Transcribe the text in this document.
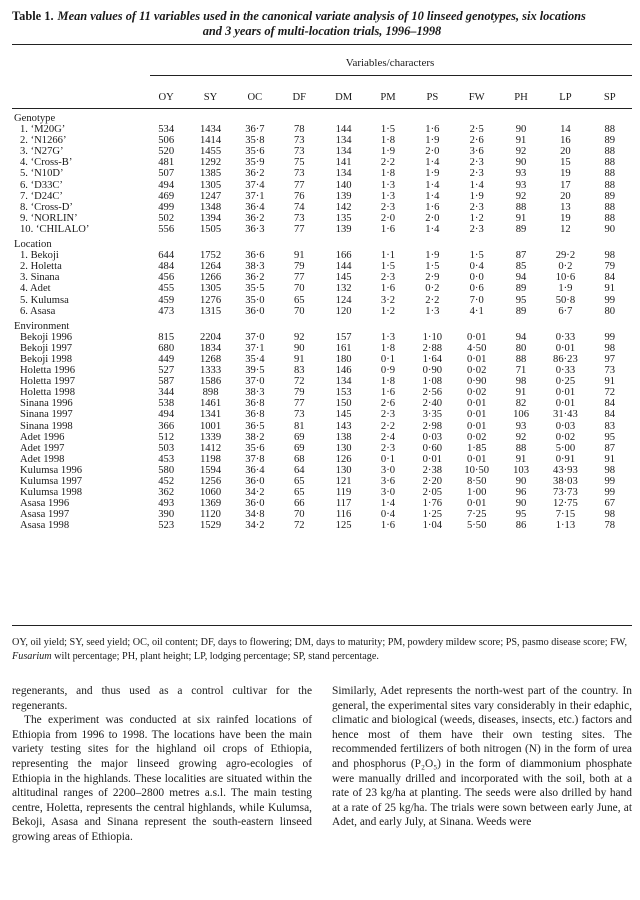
Table 1. Mean values of 11 variables used in the canonical variate analysis of 10 linseed genotypes, six locations
and 3 years of multi-location trials, 1996–1998
Variables/characters
	OY	SY	OC	DF	DM	PM	PS	FW	PH	LP	SP

Genotype											
1. ‘M20G’	534	1434	36·7	78	144	1·5	1·6	2·5	90	14	88
2. ‘N1266’	506	1414	35·8	73	134	1·8	1·9	2·6	91	16	89
3. ‘N27G’	520	1455	35·6	73	134	1·9	2·0	3·6	92	20	88
4. ‘Cross-B’	481	1292	35·9	75	141	2·2	1·4	2·3	90	15	88
5. ‘N10D’	507	1385	36·2	73	134	1·8	1·9	2·3	93	19	88
6. ‘D33C’	494	1305	37·4	77	140	1·3	1·4	1·4	93	17	88
7. ‘D24C’	469	1247	37·1	76	139	1·3	1·4	1·9	92	20	89
8. ‘Cross-D’	499	1348	36·4	74	142	2·3	1·6	2·3	88	13	88
9. ‘NORLIN’	502	1394	36·2	73	135	2·0	2·0	1·2	91	19	88
10. ‘CHILALO’	556	1505	36·3	77	139	1·6	1·4	2·3	89	12	90

Location											
1. Bekoji	644	1752	36·6	91	166	1·1	1·9	1·5	87	29·2	98
2. Holetta	484	1264	38·3	79	144	1·5	1·5	0·4	85	0·2	79
3. Sinana	456	1266	36·2	77	145	2·3	2·9	0·0	94	10·6	84
4. Adet	455	1305	35·5	70	132	1·6	0·2	0·6	89	1·9	91
5. Kulumsa	459	1276	35·0	65	124	3·2	2·2	7·0	95	50·8	99
6. Asasa	473	1315	36·0	70	120	1·2	1·3	4·1	89	6·7	80

Environment											
Bekoji 1996	815	2204	37·0	92	157	1·3	1·10	0·01	94	0·33	99
Bekoji 1997	680	1834	37·1	90	161	1·8	2·88	4·50	80	0·01	98
Bekoji 1998	449	1268	35·4	91	180	0·1	1·64	0·01	88	86·23	97
Holetta 1996	527	1333	39·5	83	146	0·9	0·90	0·02	71	0·33	73
Holetta 1997	587	1586	37·0	72	134	1·8	1·08	0·90	98	0·25	91
Holetta 1998	344	898	38·3	79	153	1·6	2·56	0·02	91	0·01	72
Sinana 1996	538	1461	36·8	77	150	2·6	2·40	0·01	82	0·01	84
Sinana 1997	494	1341	36·8	73	145	2·3	3·35	0·01	106	31·43	84
Sinana 1998	366	1001	36·5	81	143	2·2	2·98	0·01	93	0·03	83
Adet 1996	512	1339	38·2	69	138	2·4	0·03	0·02	92	0·02	95
Adet 1997	503	1412	35·6	69	130	2·3	0·60	1·85	88	5·00	87
Adet 1998	453	1198	37·8	68	126	0·1	0·01	0·01	91	0·91	91
Kulumsa 1996	580	1594	36·4	64	130	3·0	2·38	10·50	103	43·93	98
Kulumsa 1997	452	1256	36·0	65	121	3·6	2·20	8·50	90	38·03	99
Kulumsa 1998	362	1060	34·2	65	119	3·0	2·05	1·00	96	73·73	99
Asasa 1996	493	1369	36·0	66	117	1·4	1·76	0·01	90	12·75	67
Asasa 1997	390	1120	34·8	70	116	0·4	1·25	7·25	95	7·15	98
Asasa 1998	523	1529	34·2	72	125	1·6	1·04	5·50	86	1·13	78
OY, oil yield; SY, seed yield; OC, oil content; DF, days to flowering; DM, days to maturity; PM, powdery mildew score; PS, pasmo disease score; FW, Fusarium wilt percentage; PH, plant height; LP, lodging percentage; SP, stand percentage.

regenerants, and thus used as a control cultivar for the regenerants.

The experiment was conducted at six rainfed locations of Ethiopia from 1996 to 1998. The locations have been the main variety testing sites for the highland oil crops of Ethiopia, representing the major linseed growing agro-ecologies of Ethiopia in the highlands. These localities are situated within the altitudinal ranges of 2200–2800 metres a.s.l. The main testing centre, Holetta, represents the central highlands, while Kulumsa, Bekoji, Asasa and Sinana represent the south-eastern linseed growing areas of Ethiopia.

Similarly, Adet represents the north-west part of the country. In general, the experimental sites vary considerably in their edaphic, climatic and biological (weeds, diseases, insects, etc.) factors and hence most of them have their own testing sites. The recommended fertilizers of both nitrogen (N) in the form of urea and phosphorus (P₂O₅) in the form of diammonium phosphate were manually drilled and incorporated with the soil, both at a rate of 23 kg/ha at planting. The seeds were also drilled by hand at a rate of 25 kg/ha. The trials were sown between early June, at Adet, and early July, at Sinana. Weeds were
